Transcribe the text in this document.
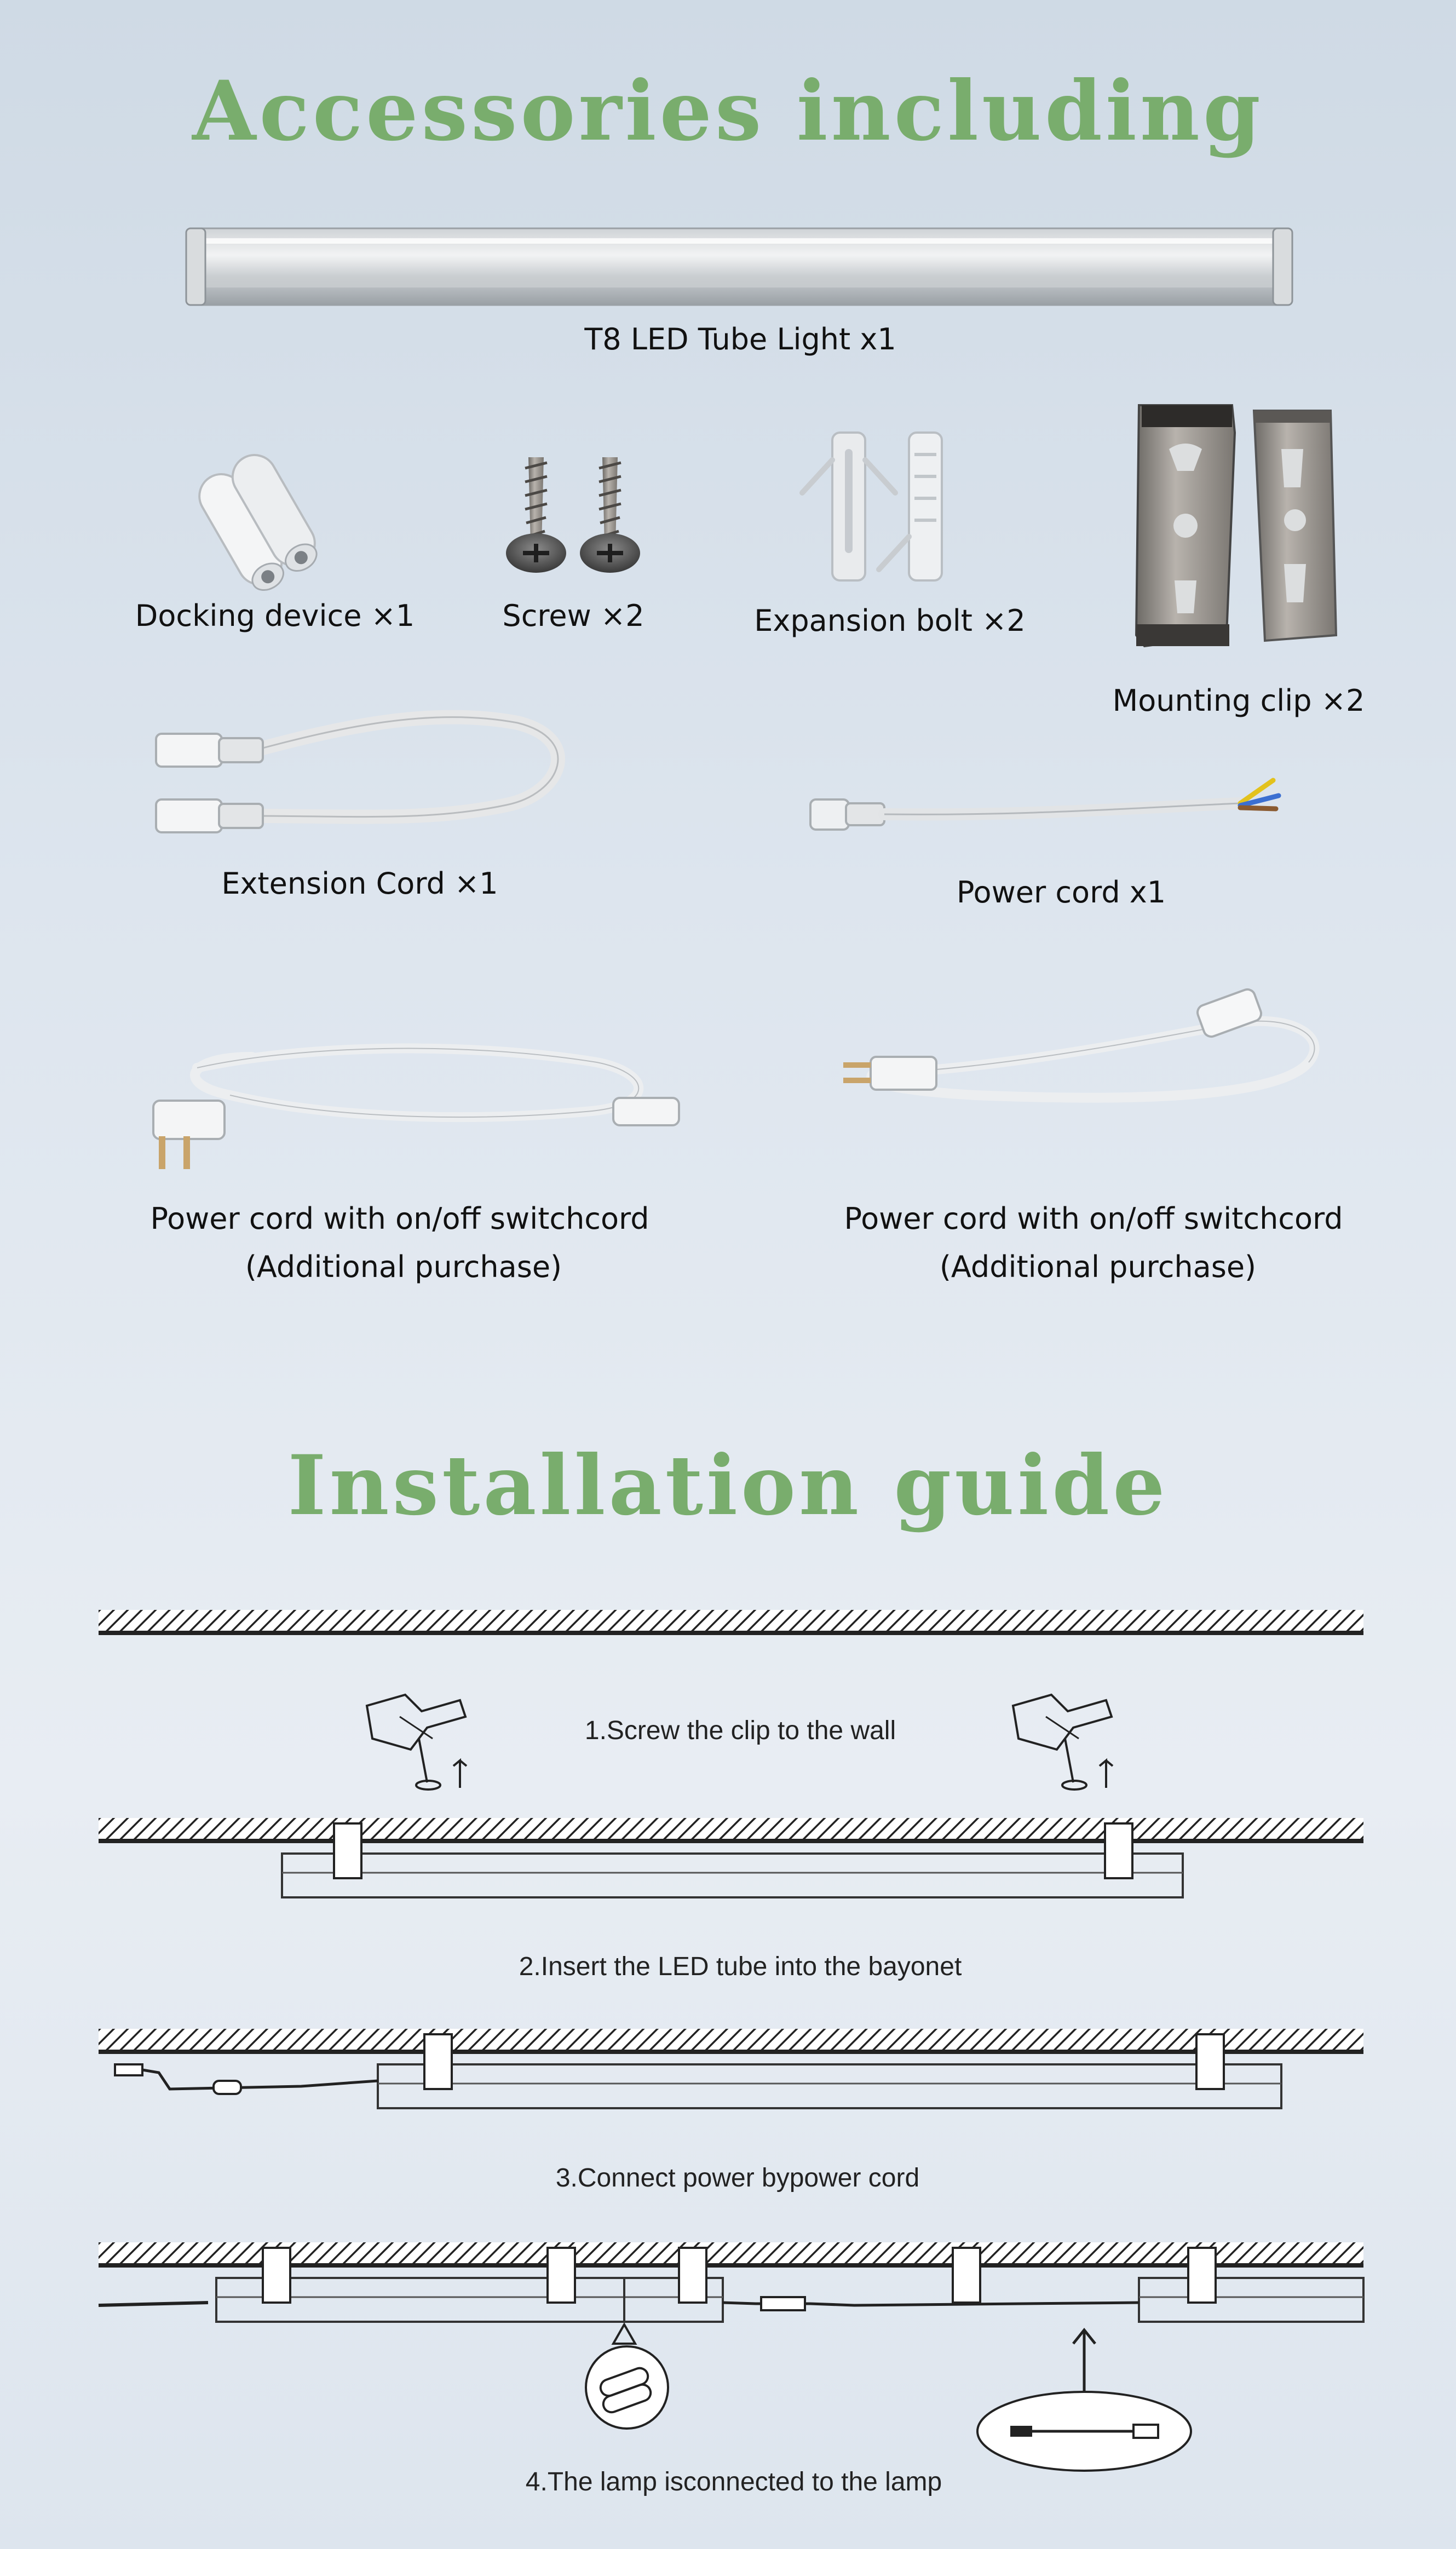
Accessories including
T8 LED Tube Light x1
Docking device ×1	Screw ×2	Expansion bolt ×2
Mounting clip ×2
Extension Cord ×1	Power cord x1
Power cord with on/off switchcord
(Additional purchase)
Power cord with on/off switchcord
(Additional purchase)
Installation guide
1.Screw the clip to the wall
2.Insert the LED tube into the bayonet
3.Connect power bypower cord
4.The lamp isconnected to the lamp
